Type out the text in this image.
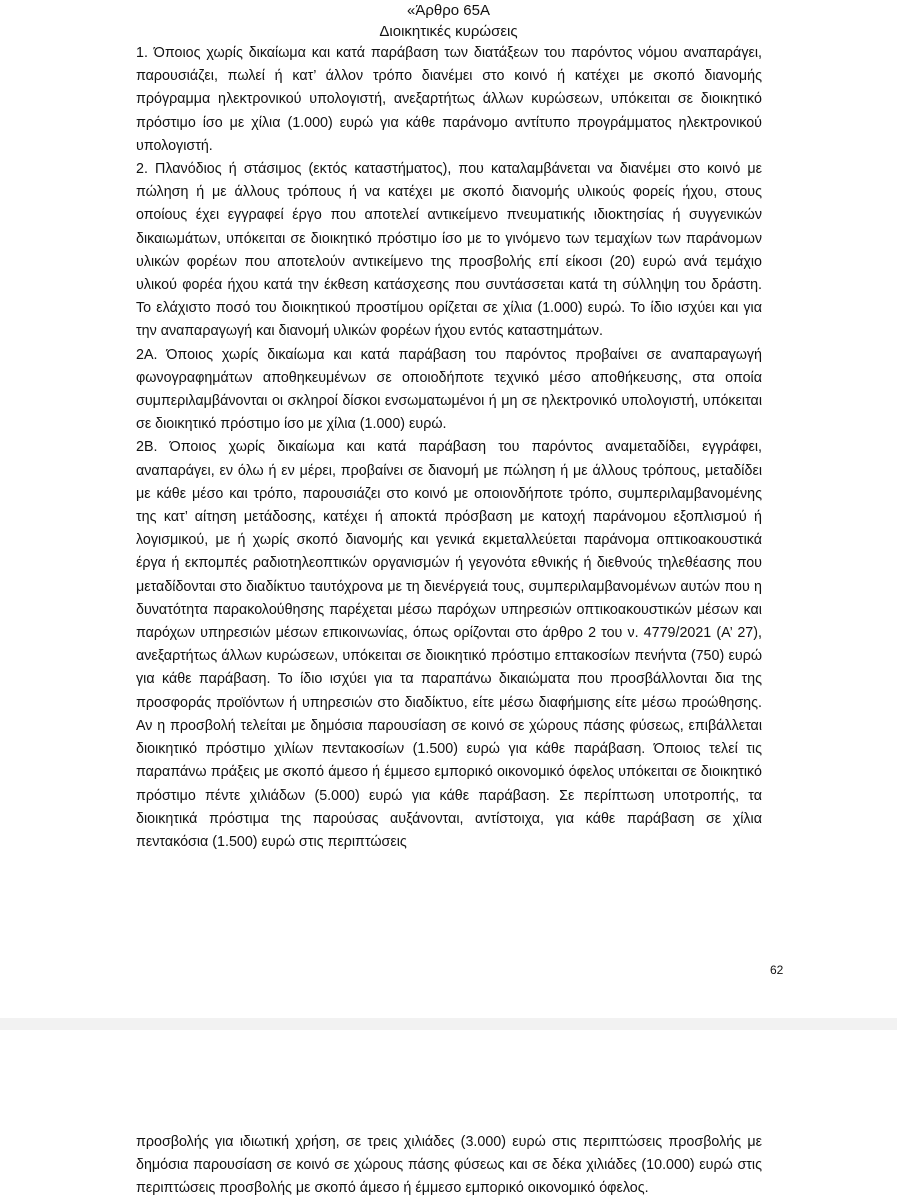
«Άρθρο 65Α
Διοικητικές κυρώσεις

1. Όποιος χωρίς δικαίωμα και κατά παράβαση των διατάξεων του παρόντος νόμου αναπαράγει, παρουσιάζει, πωλεί ή κατ’ άλλον τρόπο διανέμει στο κοινό ή κατέχει με σκοπό διανομής πρόγραμμα ηλεκτρονικού υπολογιστή, ανεξαρτήτως άλλων κυρώσεων, υπόκειται σε διοικητικό πρόστιμο ίσο με χίλια (1.000) ευρώ για κάθε παράνομο αντίτυπο προγράμματος ηλεκτρονικού υπολογιστή.

2. Πλανόδιος ή στάσιμος (εκτός καταστήματος), που καταλαμβάνεται να διανέμει στο κοινό με πώληση ή με άλλους τρόπους ή να κατέχει με σκοπό διανομής υλικούς φορείς ήχου, στους οποίους έχει εγγραφεί έργο που αποτελεί αντικείμενο πνευματικής ιδιοκτησίας ή συγγενικών δικαιωμάτων, υπόκειται σε διοικητικό πρόστιμο ίσο με το γινόμενο των τεμαχίων των παράνομων υλικών φορέων που αποτελούν αντικείμενο της προσβολής επί είκοσι (20) ευρώ ανά τεμάχιο υλικού φορέα ήχου κατά την έκθεση κατάσχεσης που συντάσσεται κατά τη σύλληψη του δράστη. Το ελάχιστο ποσό του διοικητικού προστίμου ορίζεται σε χίλια (1.000) ευρώ. Το ίδιο ισχύει και για την αναπαραγωγή και διανομή υλικών φορέων ήχου εντός καταστημάτων.

2Α. Όποιος χωρίς δικαίωμα και κατά παράβαση του παρόντος προβαίνει σε αναπαραγωγή φωνογραφημάτων αποθηκευμένων σε οποιοδήποτε τεχνικό μέσο αποθήκευσης, στα οποία συμπεριλαμβάνονται οι σκληροί δίσκοι ενσωματωμένοι ή μη σε ηλεκτρονικό υπολογιστή, υπόκειται σε διοικητικό πρόστιμο ίσο με χίλια (1.000) ευρώ.

2Β. Όποιος χωρίς δικαίωμα και κατά παράβαση του παρόντος αναμεταδίδει, εγγράφει, αναπαράγει, εν όλω ή εν μέρει, προβαίνει σε διανομή με πώληση ή με άλλους τρόπους, μεταδίδει με κάθε μέσο και τρόπο, παρουσιάζει στο κοινό με οποιονδήποτε τρόπο, συμπεριλαμβανομένης της κατ’ αίτηση μετάδοσης, κατέχει ή αποκτά πρόσβαση με κατοχή παράνομου εξοπλισμού ή λογισμικού, με ή χωρίς σκοπό διανομής και γενικά εκμεταλλεύεται παράνομα οπτικοακουστικά έργα ή εκπομπές ραδιοτηλεοπτικών οργανισμών ή γεγονότα εθνικής ή διεθνούς τηλεθέασης που μεταδίδονται στο διαδίκτυο ταυτόχρονα με τη διενέργειά τους, συμπεριλαμβανομένων αυτών που η δυνατότητα παρακολούθησης παρέχεται μέσω παρόχων υπηρεσιών οπτικοακουστικών μέσων και παρόχων υπηρεσιών μέσων επικοινωνίας, όπως ορίζονται στο άρθρο 2 του ν. 4779/2021 (Α’ 27), ανεξαρτήτως άλλων κυρώσεων, υπόκειται σε διοικητικό πρόστιμο επτακοσίων πενήντα (750) ευρώ για κάθε παράβαση. Το ίδιο ισχύει για τα παραπάνω δικαιώματα που προσβάλλονται δια της προσφοράς προϊόντων ή υπηρεσιών στο διαδίκτυο, είτε μέσω διαφήμισης είτε μέσω προώθησης. Αν η προσβολή τελείται με δημόσια παρουσίαση σε κοινό σε χώρους πάσης φύσεως, επιβάλλεται διοικητικό πρόστιμο χιλίων πεντακοσίων (1.500) ευρώ για κάθε παράβαση. Όποιος τελεί τις παραπάνω πράξεις με σκοπό άμεσο ή έμμεσο εμπορικό οικονομικό όφελος υπόκειται σε διοικητικό πρόστιμο πέντε χιλιάδων (5.000) ευρώ για κάθε παράβαση. Σε περίπτωση υποτροπής, τα διοικητικά πρόστιμα της παρούσας αυξάνονται, αντίστοιχα, για κάθε παράβαση σε χίλια πεντακόσια (1.500) ευρώ στις περιπτώσεις

62
προσβολής για ιδιωτική χρήση, σε τρεις χιλιάδες (3.000) ευρώ στις περιπτώσεις προσβολής με δημόσια παρουσίαση σε κοινό σε χώρους πάσης φύσεως και σε δέκα χιλιάδες (10.000) ευρώ στις περιπτώσεις προσβολής με σκοπό άμεσο ή έμμεσο εμπορικό οικονομικό όφελος.
